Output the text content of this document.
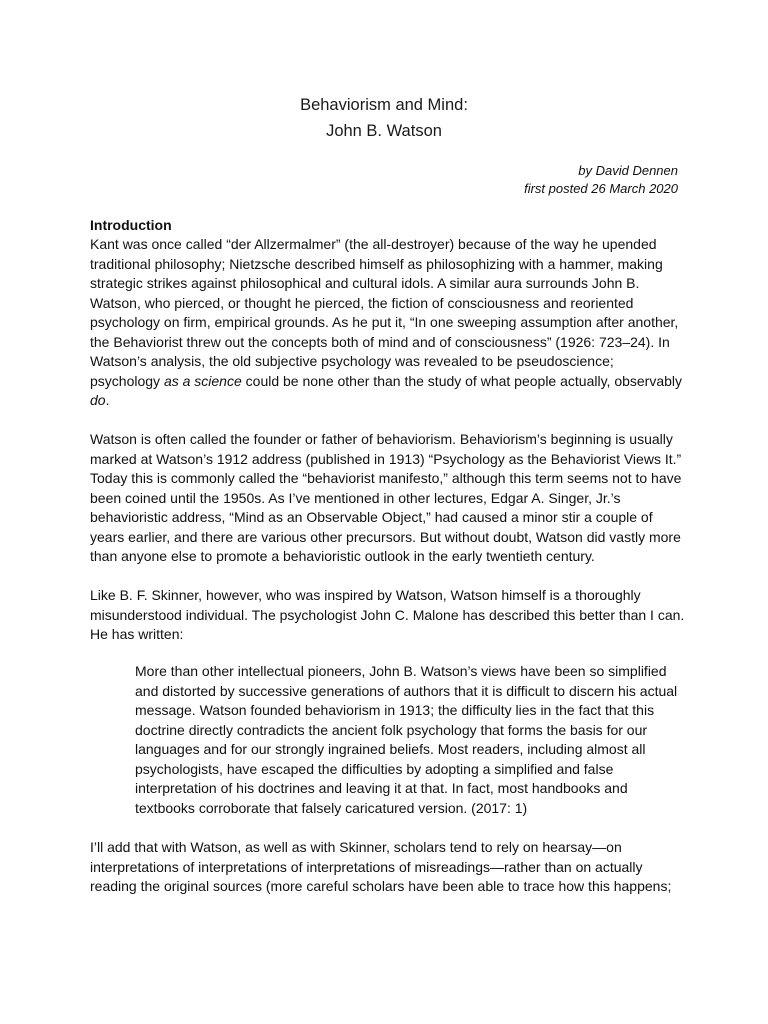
Behaviorism and Mind:
John B. Watson
by David Dennen
first posted 26 March 2020
Introduction

Kant was once called “der Allzermalmer” (the all-destroyer) because of the way he upended
traditional philosophy; Nietzsche described himself as philosophizing with a hammer, making
strategic strikes against philosophical and cultural idols. A similar aura surrounds John B.
Watson, who pierced, or thought he pierced, the fiction of consciousness and reoriented
psychology on firm, empirical grounds. As he put it, “In one sweeping assumption after another,
the Behaviorist threw out the concepts both of mind and of consciousness” (1926: 723–24). In
Watson’s analysis, the old subjective psychology was revealed to be pseudoscience;
psychology as a science could be none other than the study of what people actually, observably
do.

Watson is often called the founder or father of behaviorism. Behaviorism’s beginning is usually
marked at Watson’s 1912 address (published in 1913) “Psychology as the Behaviorist Views It.”
Today this is commonly called the “behaviorist manifesto,” although this term seems not to have
been coined until the 1950s. As I’ve mentioned in other lectures, Edgar A. Singer, Jr.’s
behavioristic address, “Mind as an Observable Object,” had caused a minor stir a couple of
years earlier, and there are various other precursors. But without doubt, Watson did vastly more
than anyone else to promote a behavioristic outlook in the early twentieth century.

Like B. F. Skinner, however, who was inspired by Watson, Watson himself is a thoroughly
misunderstood individual. The psychologist John C. Malone has described this better than I can.
He has written:

More than other intellectual pioneers, John B. Watson’s views have been so simplified
and distorted by successive generations of authors that it is difficult to discern his actual
message. Watson founded behaviorism in 1913; the difficulty lies in the fact that this
doctrine directly contradicts the ancient folk psychology that forms the basis for our
languages and for our strongly ingrained beliefs. Most readers, including almost all
psychologists, have escaped the difficulties by adopting a simplified and false
interpretation of his doctrines and leaving it at that. In fact, most handbooks and
textbooks corroborate that falsely caricatured version. (2017: 1)

I’ll add that with Watson, as well as with Skinner, scholars tend to rely on hearsay—on
interpretations of interpretations of interpretations of misreadings—rather than on actually
reading the original sources (more careful scholars have been able to trace how this happens;
